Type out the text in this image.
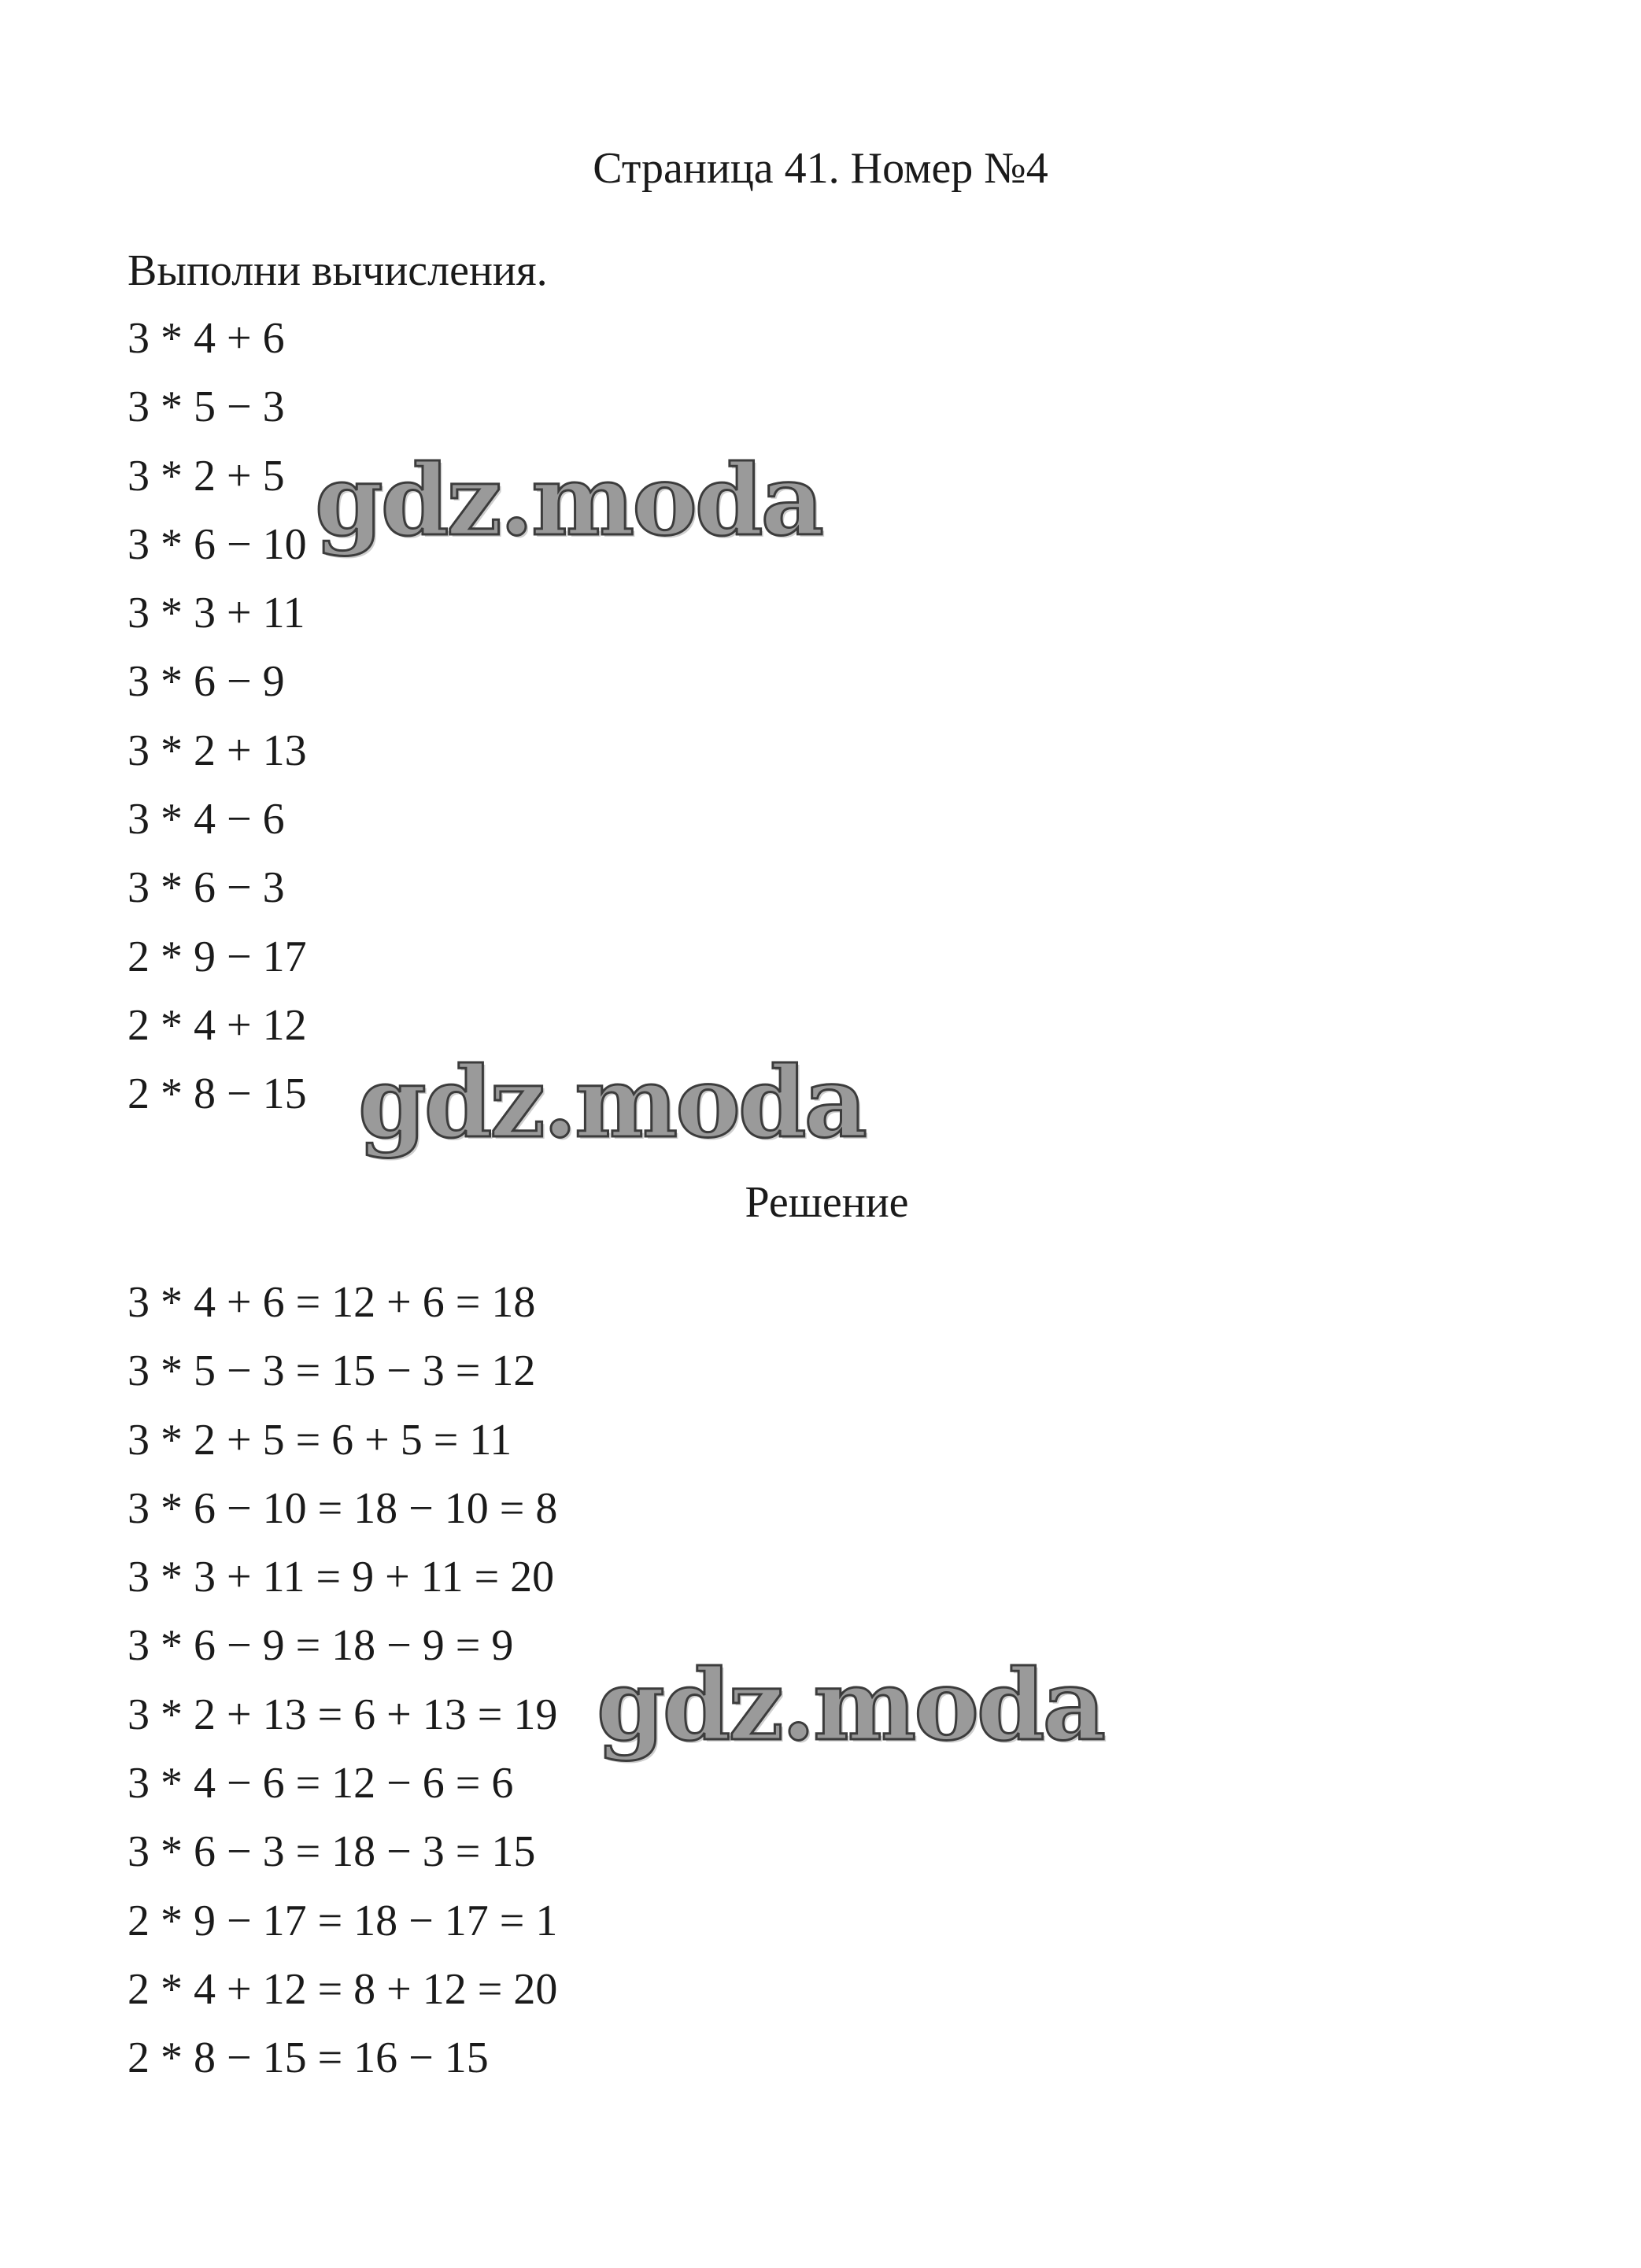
Страница 41. Номер №4
Выполни вычисления.
3 * 4 + 6
3 * 5 − 3
3 * 2 + 5
3 * 6 − 10
3 * 3 + 11
3 * 6 − 9
3 * 2 + 13
3 * 4 − 6
3 * 6 − 3
2 * 9 − 17
2 * 4 + 12
2 * 8 − 15
Решение
3 * 4 + 6 = 12 + 6 = 18
3 * 5 − 3 = 15 − 3 = 12
3 * 2 + 5 = 6 + 5 = 11
3 * 6 − 10 = 18 − 10 = 8
3 * 3 + 11 = 9 + 11 = 20
3 * 6 − 9 = 18 − 9 = 9
3 * 2 + 13 = 6 + 13 = 19
3 * 4 − 6 = 12 − 6 = 6
3 * 6 − 3 = 18 − 3 = 15
2 * 9 − 17 = 18 − 17 = 1
2 * 4 + 12 = 8 + 12 = 20
2 * 8 − 15 = 16 − 15
gdz.moda
gdz.moda
gdz.moda
